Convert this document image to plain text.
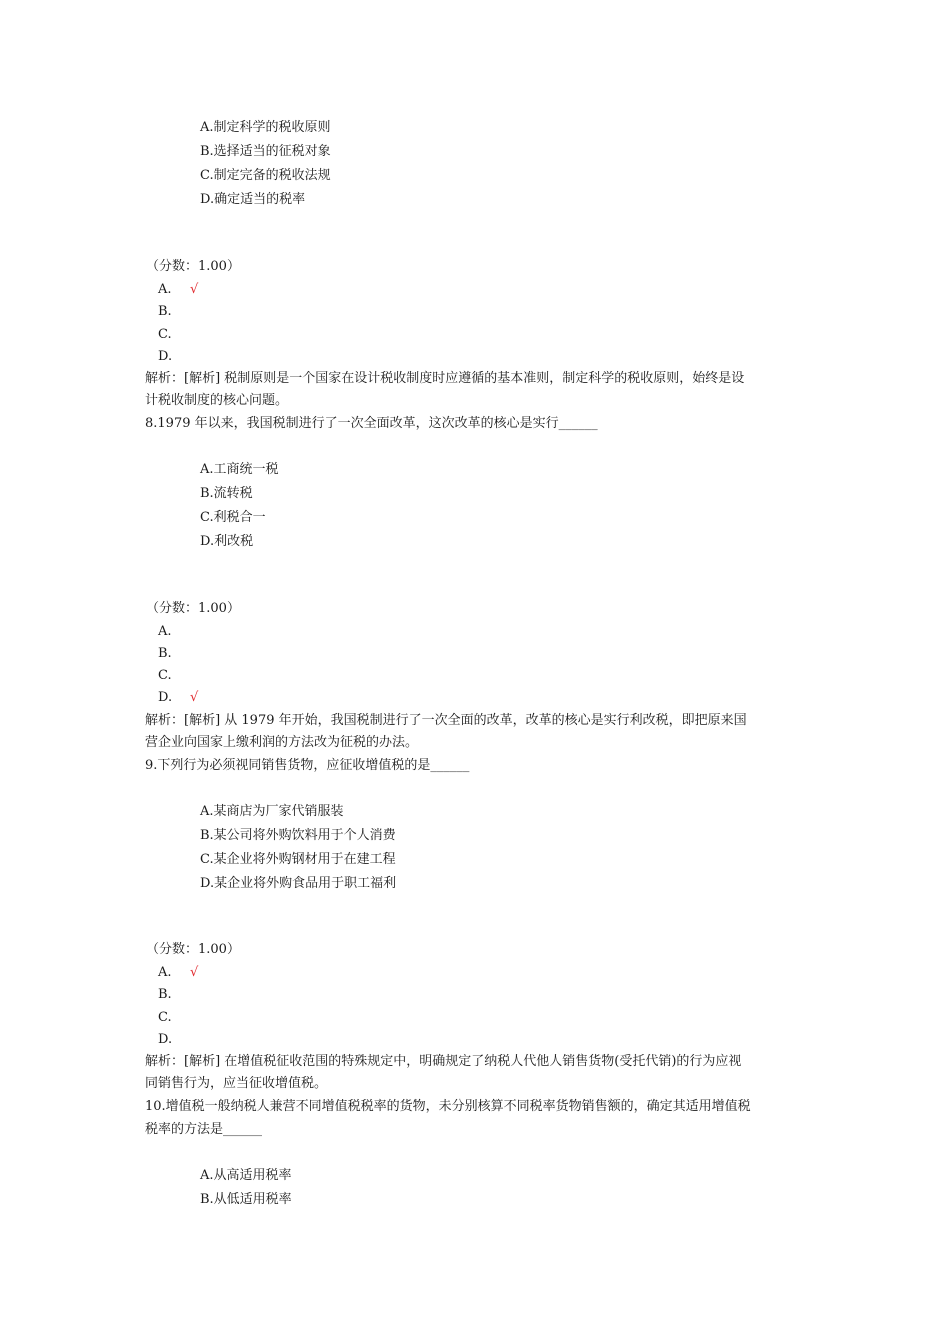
A.制定科学的税收原则
B.选择适当的征税对象
C.制定完备的税收法规
D.确定适当的税率
（分数：1.00）
A. √
B.
C.
D.
解析：[解析] 税制原则是一个国家在设计税收制度时应遵循的基本准则，制定科学的税收原则，始终是设
计税收制度的核心问题。
8.1979 年以来，我国税制进行了一次全面改革，这次改革的核心是实行______
A.工商统一税
B.流转税
C.利税合一
D.利改税
（分数：1.00）
A.
B.
C.
D. √
解析：[解析] 从 1979 年开始，我国税制进行了一次全面的改革，改革的核心是实行利改税，即把原来国
营企业向国家上缴利润的方法改为征税的办法。
9.下列行为必须视同销售货物，应征收增值税的是______
A.某商店为厂家代销服装
B.某公司将外购饮料用于个人消费
C.某企业将外购钢材用于在建工程
D.某企业将外购食品用于职工福利
（分数：1.00）
A. √
B.
C.
D.
解析：[解析] 在增值税征收范围的特殊规定中，明确规定了纳税人代他人销售货物(受托代销)的行为应视
同销售行为，应当征收增值税。
10.增值税一般纳税人兼营不同增值税税率的货物，未分别核算不同税率货物销售额的，确定其适用增值税
税率的方法是______
A.从高适用税率
B.从低适用税率
